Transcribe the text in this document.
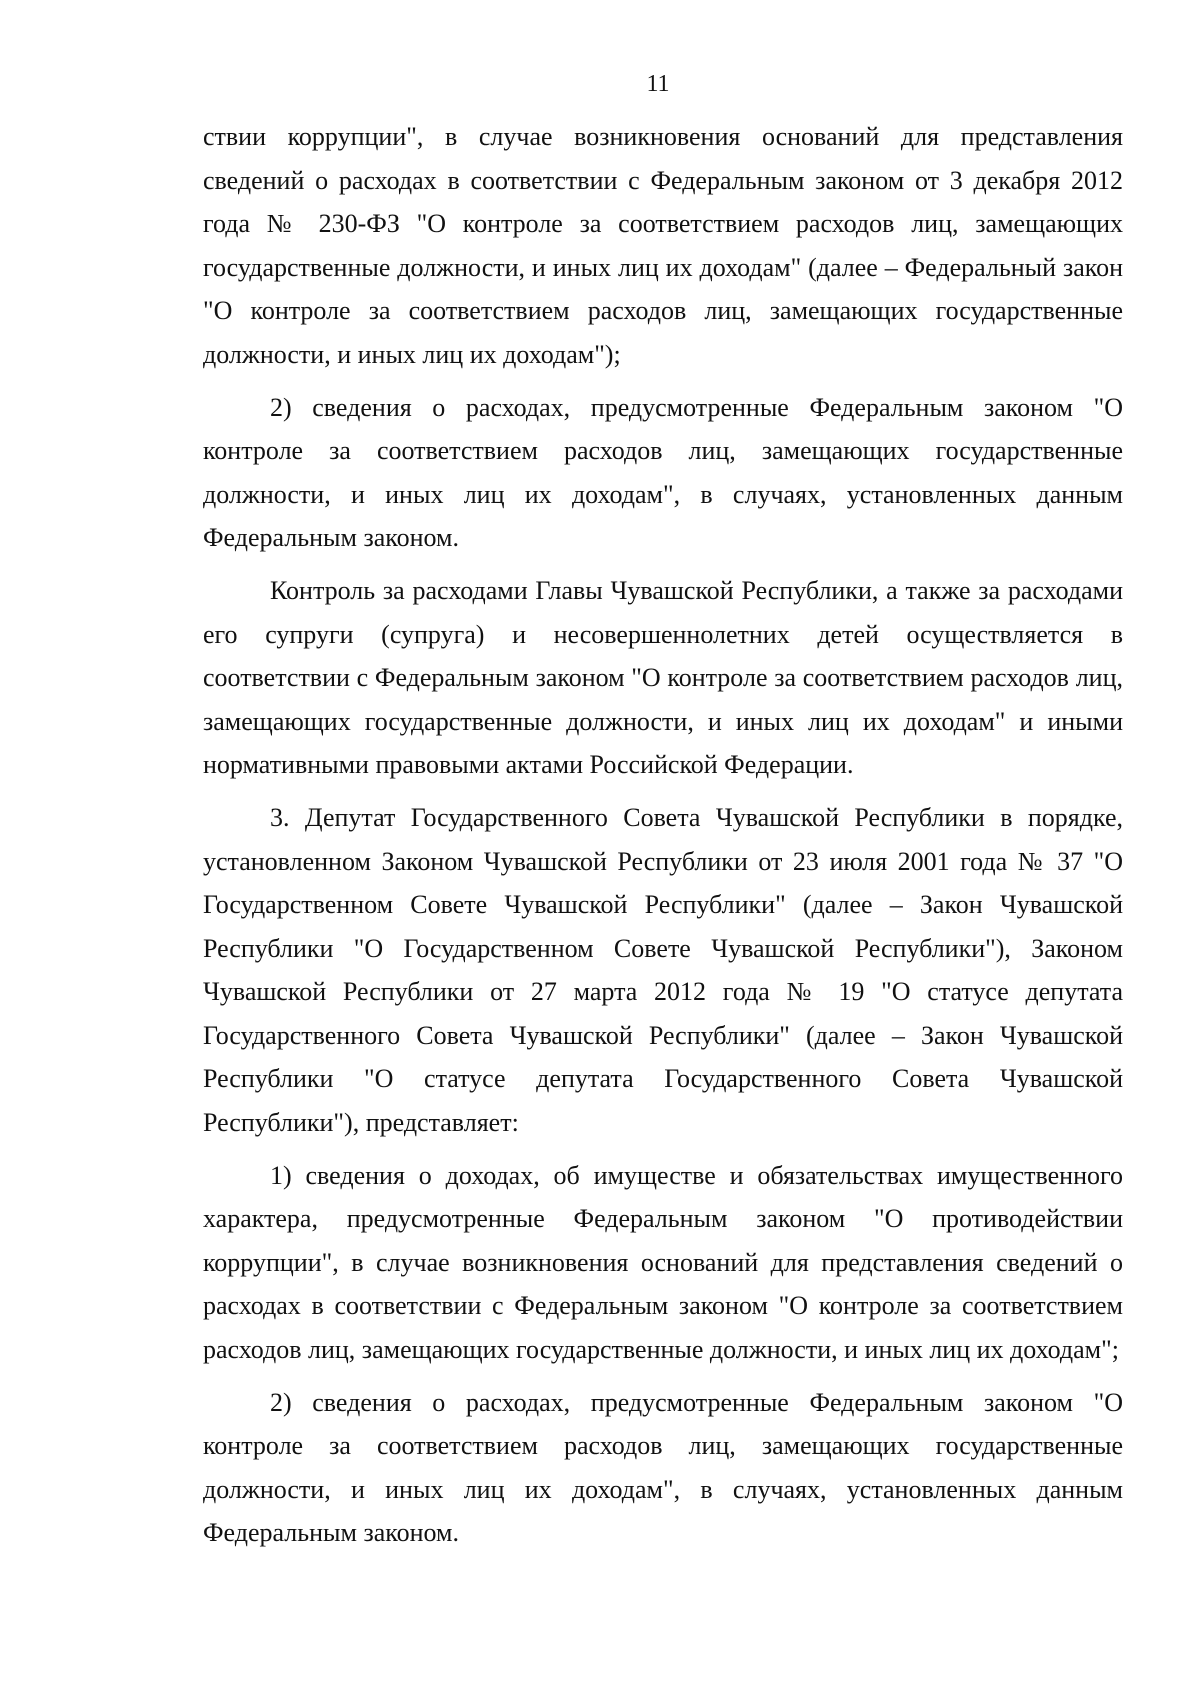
11

ствии коррупции", в случае возникновения оснований для представления сведений о расходах в соответствии с Федеральным законом от 3 декабря 2012 года № 230-ФЗ "О контроле за соответствием расходов лиц, замещающих государственные должности, и иных лиц их доходам" (далее – Федеральный закон "О контроле за соответствием расходов лиц, замещающих государственные должности, и иных лиц их доходам");

2) сведения о расходах, предусмотренные Федеральным законом "О контроле за соответствием расходов лиц, замещающих государственные должности, и иных лиц их доходам", в случаях, установленных данным Федеральным законом.

Контроль за расходами Главы Чувашской Республики, а также за расходами его супруги (супруга) и несовершеннолетних детей осуществляется в соответствии с Федеральным законом "О контроле за соответствием расходов лиц, замещающих государственные должности, и иных лиц их доходам" и иными нормативными правовыми актами Российской Федерации.

3. Депутат Государственного Совета Чувашской Республики в порядке, установленном Законом Чувашской Республики от 23 июля 2001 года № 37 "О Государственном Совете Чувашской Республики" (далее – Закон Чувашской Республики "О Государственном Совете Чувашской Республики"), Законом Чувашской Республики от 27 марта 2012 года № 19 "О статусе депутата Государственного Совета Чувашской Республики" (далее – Закон Чувашской Республики "О статусе депутата Государственного Совета Чувашской Республики"), представляет:

1) сведения о доходах, об имуществе и обязательствах имущественного характера, предусмотренные Федеральным законом "О противодействии коррупции", в случае возникновения оснований для представления сведений о расходах в соответствии с Федеральным законом "О контроле за соответствием расходов лиц, замещающих государственные должности, и иных лиц их доходам";

2) сведения о расходах, предусмотренные Федеральным законом "О контроле за соответствием расходов лиц, замещающих государственные должности, и иных лиц их доходам", в случаях, установленных данным Федеральным законом.
